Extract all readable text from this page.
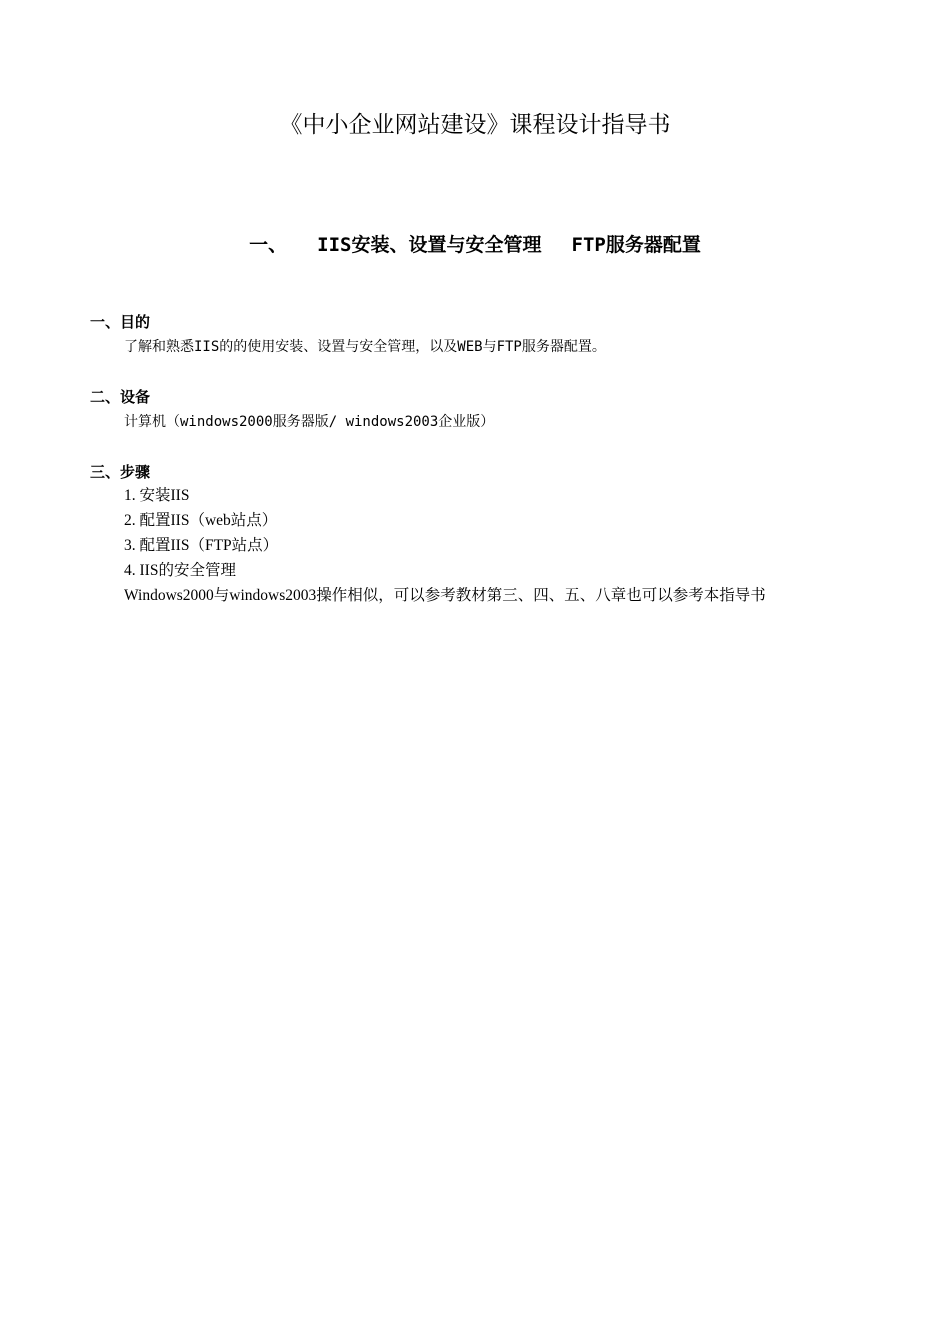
《中小企业网站建设》课程设计指导书
一、 IIS安装、设置与安全管理 FTP服务器配置

一、目的

了解和熟悉IIS的的使用安装、设置与安全管理，以及WEB与FTP服务器配置。

二、设备

计算机（windows2000服务器版/ windows2003企业版）

三、步骤

1. 安装IIS

2. 配置IIS（web站点）

3. 配置IIS（FTP站点）

4. IIS的安全管理

Windows2000与windows2003操作相似，可以参考教材第三、四、五、八章也可以参考本指导书
